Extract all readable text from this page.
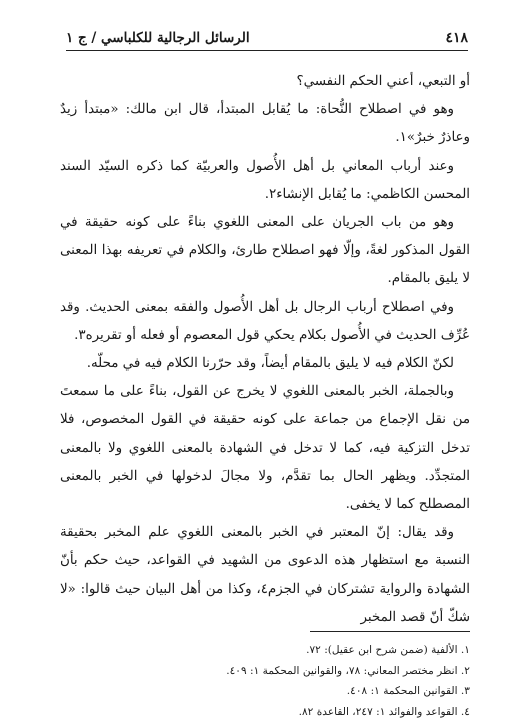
٤١٨
الرسائل الرجالية للكلباسي / ج ١

أو التبعي، أعني الحكم النفسي؟

وهو في اصطلاح النُّحاة: ما يُقابل المبتدأ، قال ابن مالك: «مبتدأ زيدٌ وعاذرٌ خبرٌ»١.

وعند أرباب المعاني بل أهل الأُصول والعربيّة كما ذكره السيّد السند المحسن الكاظمي: ما يُقابل الإنشاء٢.

وهو من باب الجريان على المعنى اللغوي بناءً على كونه حقيقة في القول المذكور لغةً، وإلّا فهو اصطلاح طارئ، والكلام في تعريفه بهذا المعنى لا يليق بالمقام.

وفي اصطلاح أرباب الرجال بل أهل الأُصول والفقه بمعنى الحديث. وقد عُرِّف الحديث في الأُصول بكلام يحكي قول المعصوم أو فعله أو تقريره٣.

لكنّ الكلام فيه لا يليق بالمقام أيضاً، وقد حرّرنا الكلام فيه في محلّه.

وبالجملة، الخبر بالمعنى اللغوي لا يخرج عن القول، بناءً على ما سمعتَ من نقل الإجماع من جماعة على كونه حقيقة في القول المخصوص، فلا تدخل التزكية فيه، كما لا تدخل في الشهادة بالمعنى اللغوي ولا بالمعنى المتجدِّد. ويظهر الحال بما تقدَّم، ولا مجالَ لدخولها في الخبر بالمعنى المصطلح كما لا يخفى.

وقد يقال: إنّ المعتبر في الخبر بالمعنى اللغوي علم المخبر بحقيقة النسبة مع استظهار هذه الدعوى من الشهيد في القواعد، حيث حكم بأنّ الشهادة والرواية تشتركان في الجزم٤، وكذا من أهل البيان حيث قالوا: «لا شكّ أنّ قصد المخبر

١. الألفية (ضمن شرح ابن عقيل): ٧٢.
٢. انظر مختصر المعاني: ٧٨، والقوانين المحكمة ١: ٤٠٩.
٣. القوانين المحكمة ١: ٤٠٨.
٤. القواعد والفوائد ١: ٢٤٧، القاعدة ٨٢.
